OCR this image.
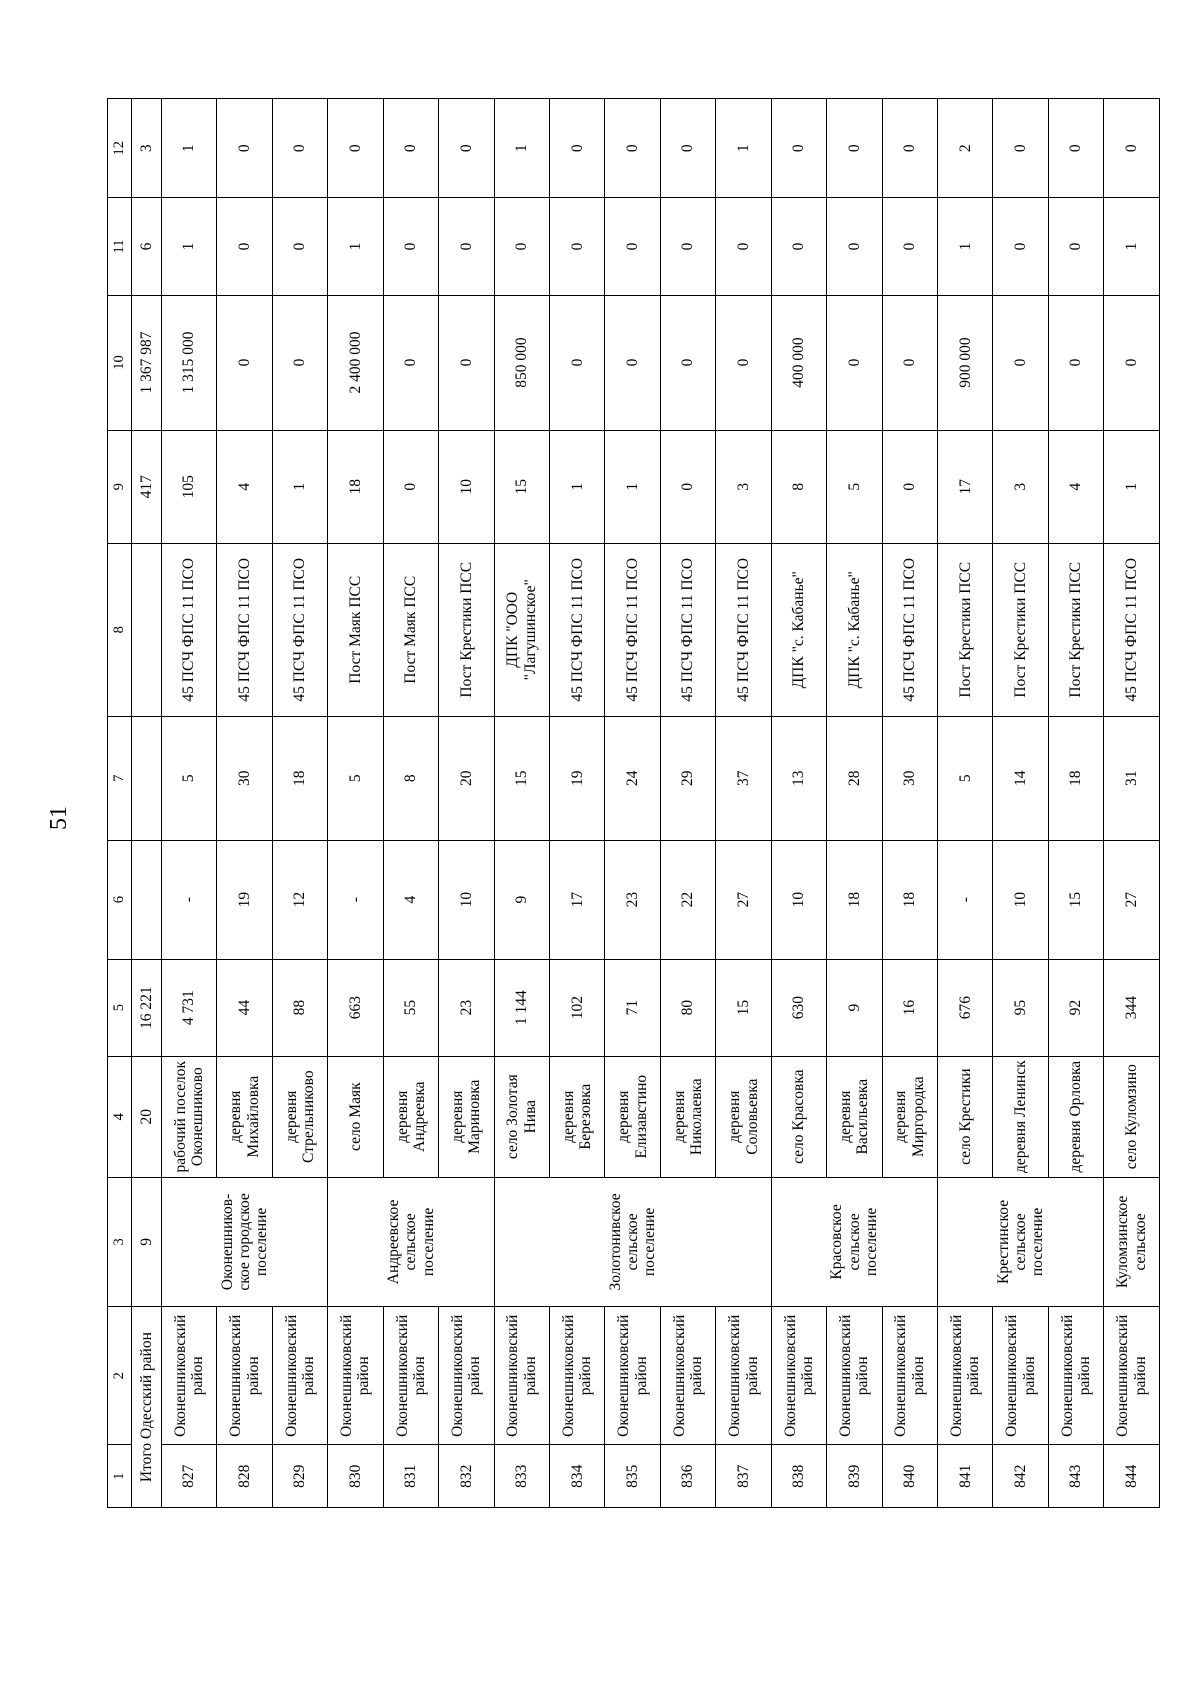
51
1	2	3	4	5	6	7	8	9	10	11	12
Итого Одесский район		9	20	16 221				417	1 367 987	6	3
827	Оконешниковский район	Оконешников-ское городское поселение	рабочий поселок Оконешниково	4 731	-	5	45 ПСЧ ФПС 11 ПСО	105	1 315 000	1	1
828	Оконешниковский район		деревня Михайловка	44	19	30	45 ПСЧ ФПС 11 ПСО	4	0	0	0
829	Оконешниковский район		деревня Стрельниково	88	12	18	45 ПСЧ ФПС 11 ПСО	1	0	0	0
830	Оконешниковский район	Андреевское сельское поселение	село Маяк	663	-	5	Пост Маяк ПСС	18	2 400 000	1	0
831	Оконешниковский район		деревня Андреевка	55	4	8	Пост Маяк ПСС	0	0	0	0
832	Оконешниковский район		деревня Мариновка	23	10	20	Пост Крестики ПСС	10	0	0	0
833	Оконешниковский район	Золотонивское сельское поселение	село Золотая Нива	1 144	9	15	ДПК "ООО "Лагушинское"	15	850 000	0	1
834	Оконешниковский район		деревня Березовка	102	17	19	45 ПСЧ ФПС 11 ПСО	1	0	0	0
835	Оконешниковский район		деревня Елизавстино	71	23	24	45 ПСЧ ФПС 11 ПСО	1	0	0	0
836	Оконешниковский район		деревня Николаевка	80	22	29	45 ПСЧ ФПС 11 ПСО	0	0	0	0
837	Оконешниковский район		деревня Соловьевка	15	27	37	45 ПСЧ ФПС 11 ПСО	3	0	0	1
838	Оконешниковский район	Красовское сельское поселение	село Красовка	630	10	13	ДПК "с. Кабанье"	8	400 000	0	0
839	Оконешниковский район		деревня Васильевка	9	18	28	ДПК "с. Кабанье"	5	0	0	0
840	Оконешниковский район		деревня Миргородка	16	18	30	45 ПСЧ ФПС 11 ПСО	0	0	0	0
841	Оконешниковский район	Крестинское сельское поселение	село Крестики	676	-	5	Пост Крестики ПСС	17	900 000	1	2
842	Оконешниковский район		деревня Ленинск	95	10	14	Пост Крестики ПСС	3	0	0	0
843	Оконешниковский район		деревня Орловка	92	15	18	Пост Крестики ПСС	4	0	0	0
844	Оконешниковский район	Куломзинское сельское	село Куломзино	344	27	31	45 ПСЧ ФПС 11 ПСО	1	0	1	0
